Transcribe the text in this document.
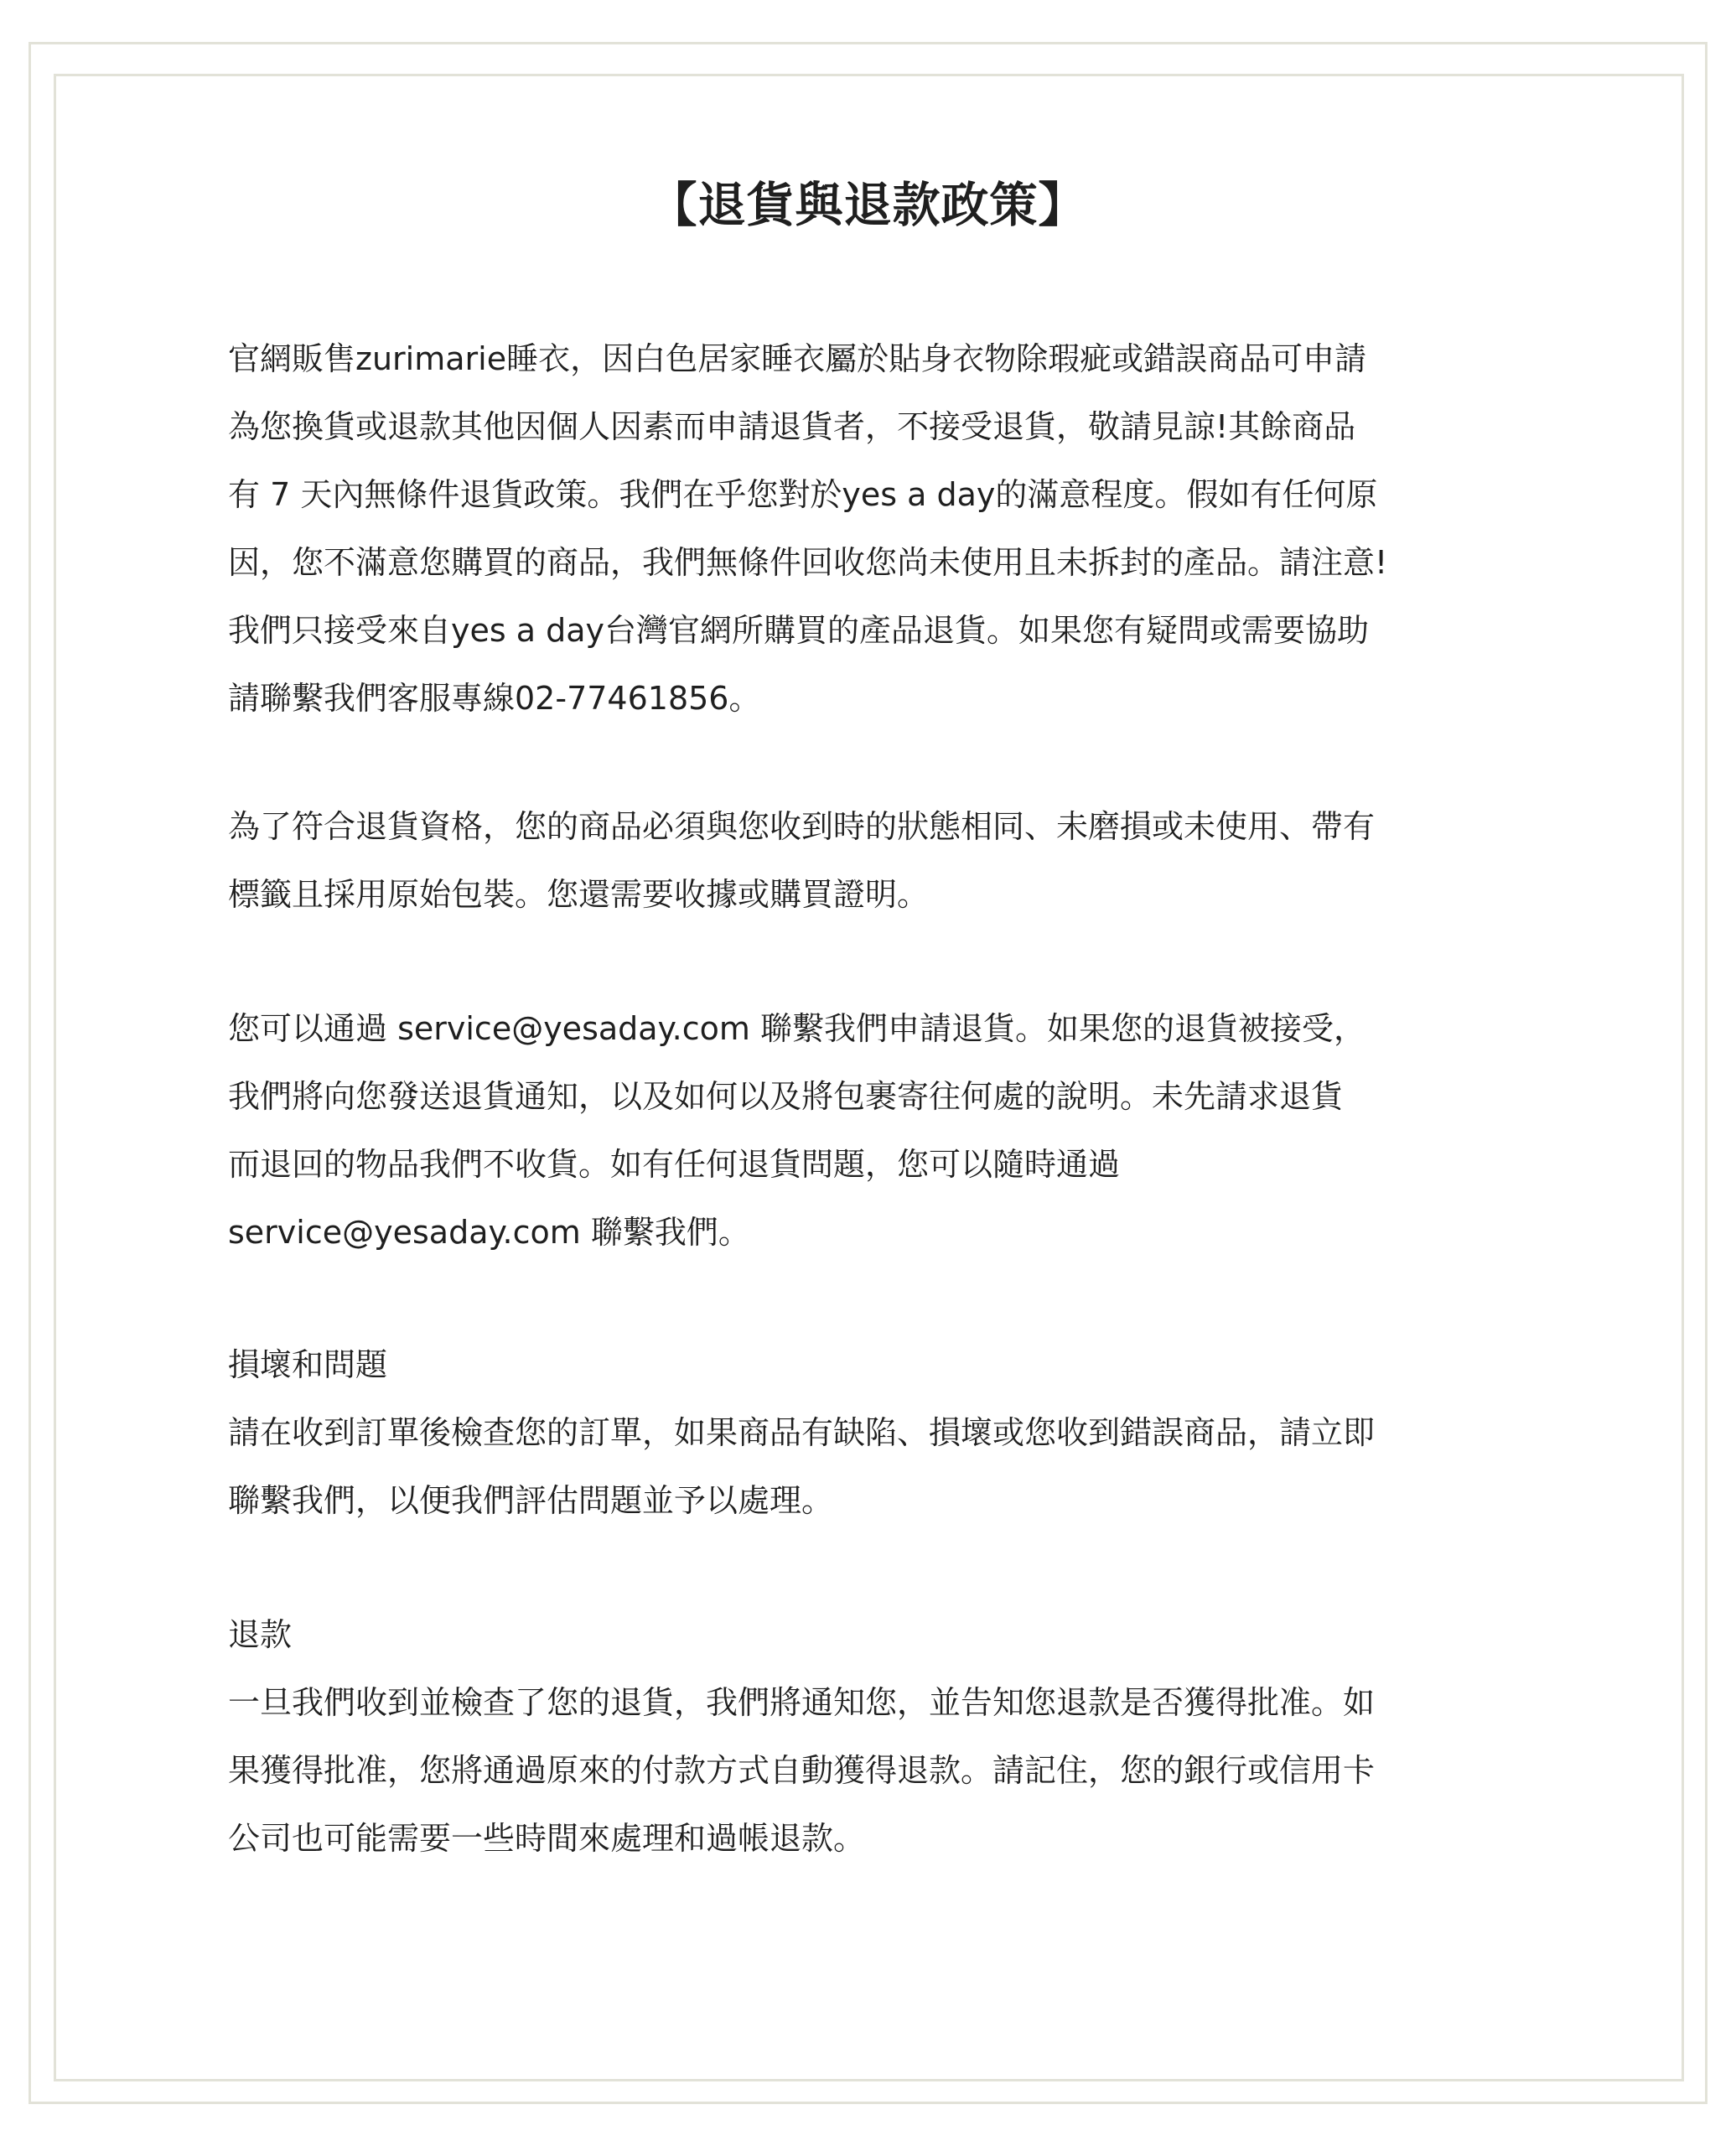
【退貨與退款政策】
官網販售zurimarie睡衣，因白色居家睡衣屬於貼身衣物除瑕疵或錯誤商品可申請
為您換貨或退款其他因個人因素而申請退貨者，不接受退貨，敬請見諒!其餘商品
有 7 天內無條件退貨政策。我們在乎您對於yes a day的滿意程度。假如有任何原
因，您不滿意您購買的商品，我們無條件回收您尚未使用且未拆封的產品。請注意!
我們只接受來自yes a day台灣官網所購買的產品退貨。如果您有疑問或需要協助
請聯繫我們客服專線02-77461856。
為了符合退貨資格，您的商品必須與您收到時的狀態相同、未磨損或未使用、帶有
標籤且採用原始包裝。您還需要收據或購買證明。
您可以通過 service@yesaday.com 聯繫我們申請退貨。如果您的退貨被接受，
我們將向您發送退貨通知，以及如何以及將包裹寄往何處的說明。未先請求退貨
而退回的物品我們不收貨。如有任何退貨問題，您可以隨時通過
service@yesaday.com 聯繫我們。
損壞和問題
請在收到訂單後檢查您的訂單，如果商品有缺陷、損壞或您收到錯誤商品，請立即
聯繫我們，以便我們評估問題並予以處理。
退款
一旦我們收到並檢查了您的退貨，我們將通知您，並告知您退款是否獲得批准。如
果獲得批准，您將通過原來的付款方式自動獲得退款。請記住，您的銀行或信用卡
公司也可能需要一些時間來處理和過帳退款。
